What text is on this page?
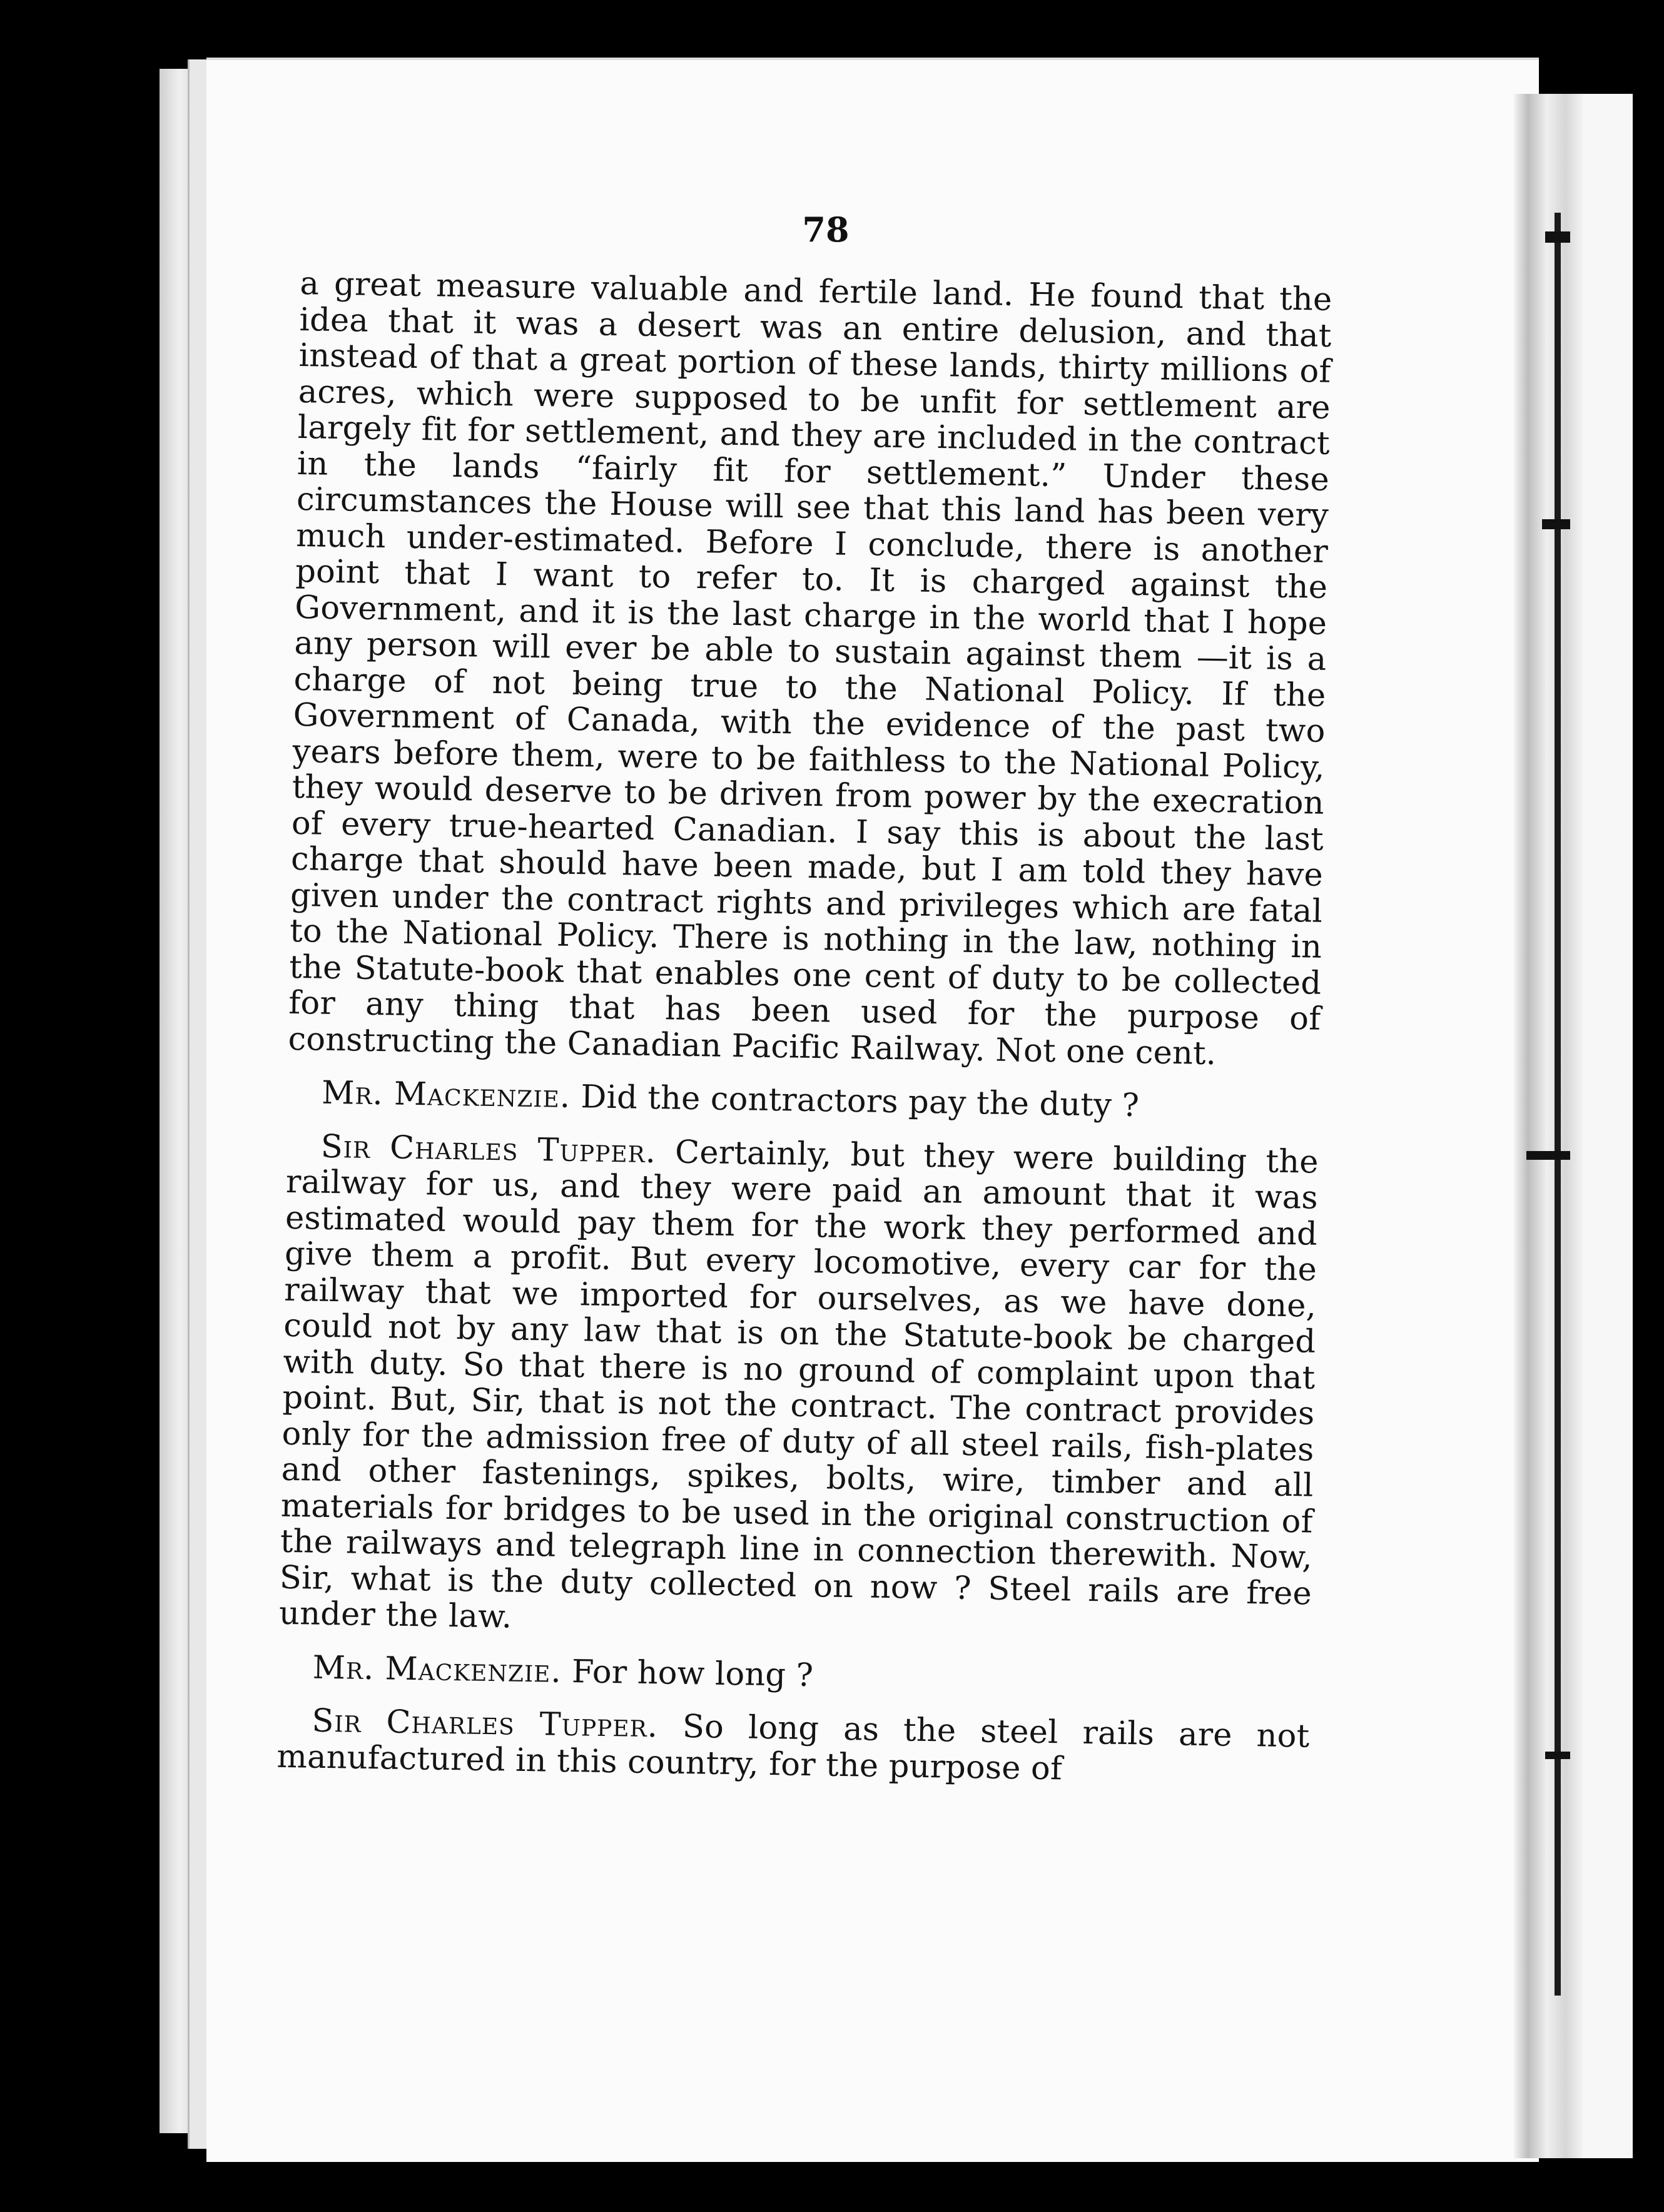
78

a great measure valuable and fertile land. He found that the idea that it was a desert was an entire delusion, and that instead of that a great portion of these lands, thirty millions of acres, which were supposed to be unfit for settlement are largely fit for settlement, and they are included in the contract in the lands “fairly fit for settlement.” Under these circumstances the House will see that this land has been very much under-estimated. Before I conclude, there is another point that I want to refer to. It is charged against the Government, and it is the last charge in the world that I hope any person will ever be able to sustain against them —it is a charge of not being true to the National Policy. If the Government of Canada, with the evidence of the past two years before them, were to be faithless to the National Policy, they would deserve to be driven from power by the execration of every true-hearted Canadian. I say this is about the last charge that should have been made, but I am told they have given under the contract rights and privileges which are fatal to the National Policy. There is nothing in the law, nothing in the Statute-book that enables one cent of duty to be collected for any thing that has been used for the purpose of constructing the Canadian Pacific Railway. Not one cent.

Mr. Mackenzie. Did the contractors pay the duty ?

Sir Charles Tupper. Certainly, but they were building the railway for us, and they were paid an amount that it was estimated would pay them for the work they performed and give them a profit. But every locomotive, every car for the railway that we imported for ourselves, as we have done, could not by any law that is on the Statute-book be charged with duty. So that there is no ground of complaint upon that point. But, Sir, that is not the contract. The contract provides only for the admission free of duty of all steel rails, fish-plates and other fastenings, spikes, bolts, wire, timber and all materials for bridges to be used in the original construction of the railways and telegraph line in connection therewith. Now, Sir, what is the duty collected on now ? Steel rails are free under the law.

Mr. Mackenzie. For how long ?

Sir Charles Tupper. So long as the steel rails are not manufactured in this country, for the purpose of
